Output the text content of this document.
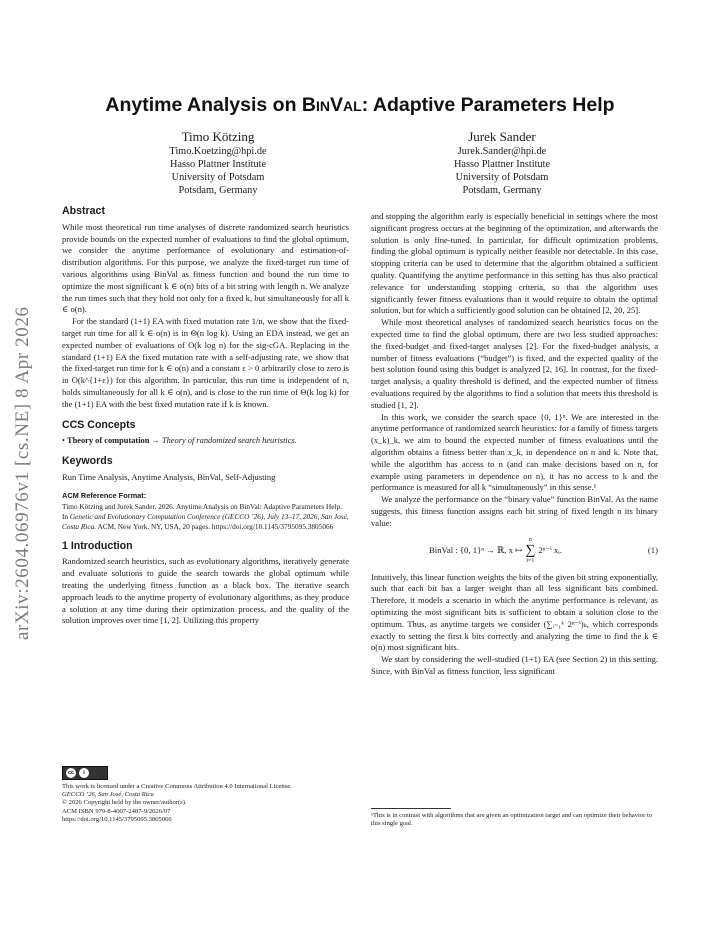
arXiv:2604.06976v1 [cs.NE] 8 Apr 2026
Anytime Analysis on BinVal: Adaptive Parameters Help
Timo Kötzing
Timo.Koetzing@hpi.de
Hasso Plattner Institute
University of Potsdam
Potsdam, Germany
Jurek Sander
Jurek.Sander@hpi.de
Hasso Plattner Institute
University of Potsdam
Potsdam, Germany
Abstract

While most theoretical run time analyses of discrete randomized search heuristics provide bounds on the expected number of evaluations to find the global optimum, we consider the anytime performance of evolutionary and estimation-of-distribution algorithms. For this purpose, we analyze the fixed-target run time of various algorithms using BinVal as fitness function and bound the run time to optimize the most significant k ∈ o(n) bits of a bit string with length n. We analyze the run times such that they hold not only for a fixed k, but simultaneously for all k ∈ o(n).

For the standard (1+1) EA with fixed mutation rate 1/n, we show that the fixed-target run time for all k ∈ o(n) is in Θ(n log k). Using an EDA instead, we get an expected number of evaluations of O(k log n) for the sig-cGA. Replacing in the standard (1+1) EA the fixed mutation rate with a self-adjusting rate, we show that the fixed-target run time for k ∈ o(n) and a constant ε > 0 arbitrarily close to zero is in O(k^{1+ε}) for this algorithm. In particular, this run time is independent of n, holds simultaneously for all k ∈ o(n), and is close to the run time of Θ(k log k) for the (1+1) EA with the best fixed mutation rate if k is known.

CCS Concepts

• Theory of computation → Theory of randomized search heuristics.

Keywords

Run Time Analysis, Anytime Analysis, BinVal, Self-Adjusting

ACM Reference Format:

Timo Kötzing and Jurek Sander. 2026. Anytime Analysis on BinVal: Adaptive Parameters Help. In Genetic and Evolutionary Computation Conference (GECCO ’26), July 13–17, 2026, San José, Costa Rica. ACM, New York, NY, USA, 20 pages. https://doi.org/10.1145/3795095.3805066

1 Introduction

Randomized search heuristics, such as evolutionary algorithms, iteratively generate and evaluate solutions to guide the search towards the global optimum while treating the underlying fitness function as a black box. The iterative search approach leads to the anytime property of evolutionary algorithms, as they produce a solution at any time during their optimization process, and the quality of the solution improves over time [1, 2]. Utilizing this property

cc	i
This work is licensed under a Creative Commons Attribution 4.0 International License.
GECCO ’26, San José, Costa Rica
© 2026 Copyright held by the owner/author(s).
ACM ISBN 979-8-4007-2487-9/2026/07
https://doi.org/10.1145/3795095.3805066

and stopping the algorithm early is especially beneficial in settings where the most significant progress occurs at the beginning of the optimization, and afterwards the solution is only fine-tuned. In particular, for difficult optimization problems, finding the global optimum is typically neither feasible nor detectable. In this case, stopping criteria can be used to determine that the algorithm obtained a sufficient quality. Quantifying the anytime performance in this setting has thus also practical relevance for understanding stopping criteria, so that the algorithm uses significantly fewer fitness evaluations than it would require to obtain the optimal solution, but for which a sufficiently good solution can be obtained [2, 20, 25].

While most theoretical analyses of randomized search heuristics focus on the expected time to find the global optimum, there are two less studied approaches: the fixed-budget and fixed-target analyses [2]. For the fixed-budget analysis, a number of fitness evaluations (“budget”) is fixed, and the expected quality of the best solution found using this budget is analyzed [2, 16]. In contrast, for the fixed-target analysis, a quality threshold is defined, and the expected number of fitness evaluations required by the algorithms to find a solution that meets this threshold is studied [1, 2].

In this work, we consider the search space {0, 1}ⁿ. We are interested in the anytime performance of randomized search heuristics: for a family of fitness targets (x_k)_k, we aim to bound the expected number of fitness evaluations until the algorithm obtains a fitness better than x_k, in dependence on n and k. Note that, while the algorithm has access to n (and can make decisions based on n, for example using parameters in dependence on n), it has no access to k and the performance is measured for all k “simultaneously” in this sense.¹

We analyze the performance on the “binary value” function BinVal. As the name suggests, this fitness function assigns each bit string of fixed length n its binary value:

BinVal : {0, 1}ⁿ → ℝ, x ↦
n
∑
i=1
2ⁿ⁻ⁱ xᵢ.	(1)

Intuitively, this linear function weights the bits of the given bit string exponentially, such that each bit has a larger weight than all less significant bits combined. Therefore, it models a scenario in which the anytime performance is relevant, as optimizing the most significant bits is sufficient to obtain a solution close to the optimum. Thus, as anytime targets we consider (∑ᵢ₌₁ᵏ 2ⁿ⁻ⁱ)ₖ, which corresponds exactly to setting the first k bits correctly and analyzing the time to find the k ∈ o(n) most significant bits.

We start by considering the well-studied (1+1) EA (see Section 2) in this setting. Since, with BinVal as fitness function, less significant

¹This is in contrast with algorithms that are given an optimization target and can optimize their behavior to this single goal.
